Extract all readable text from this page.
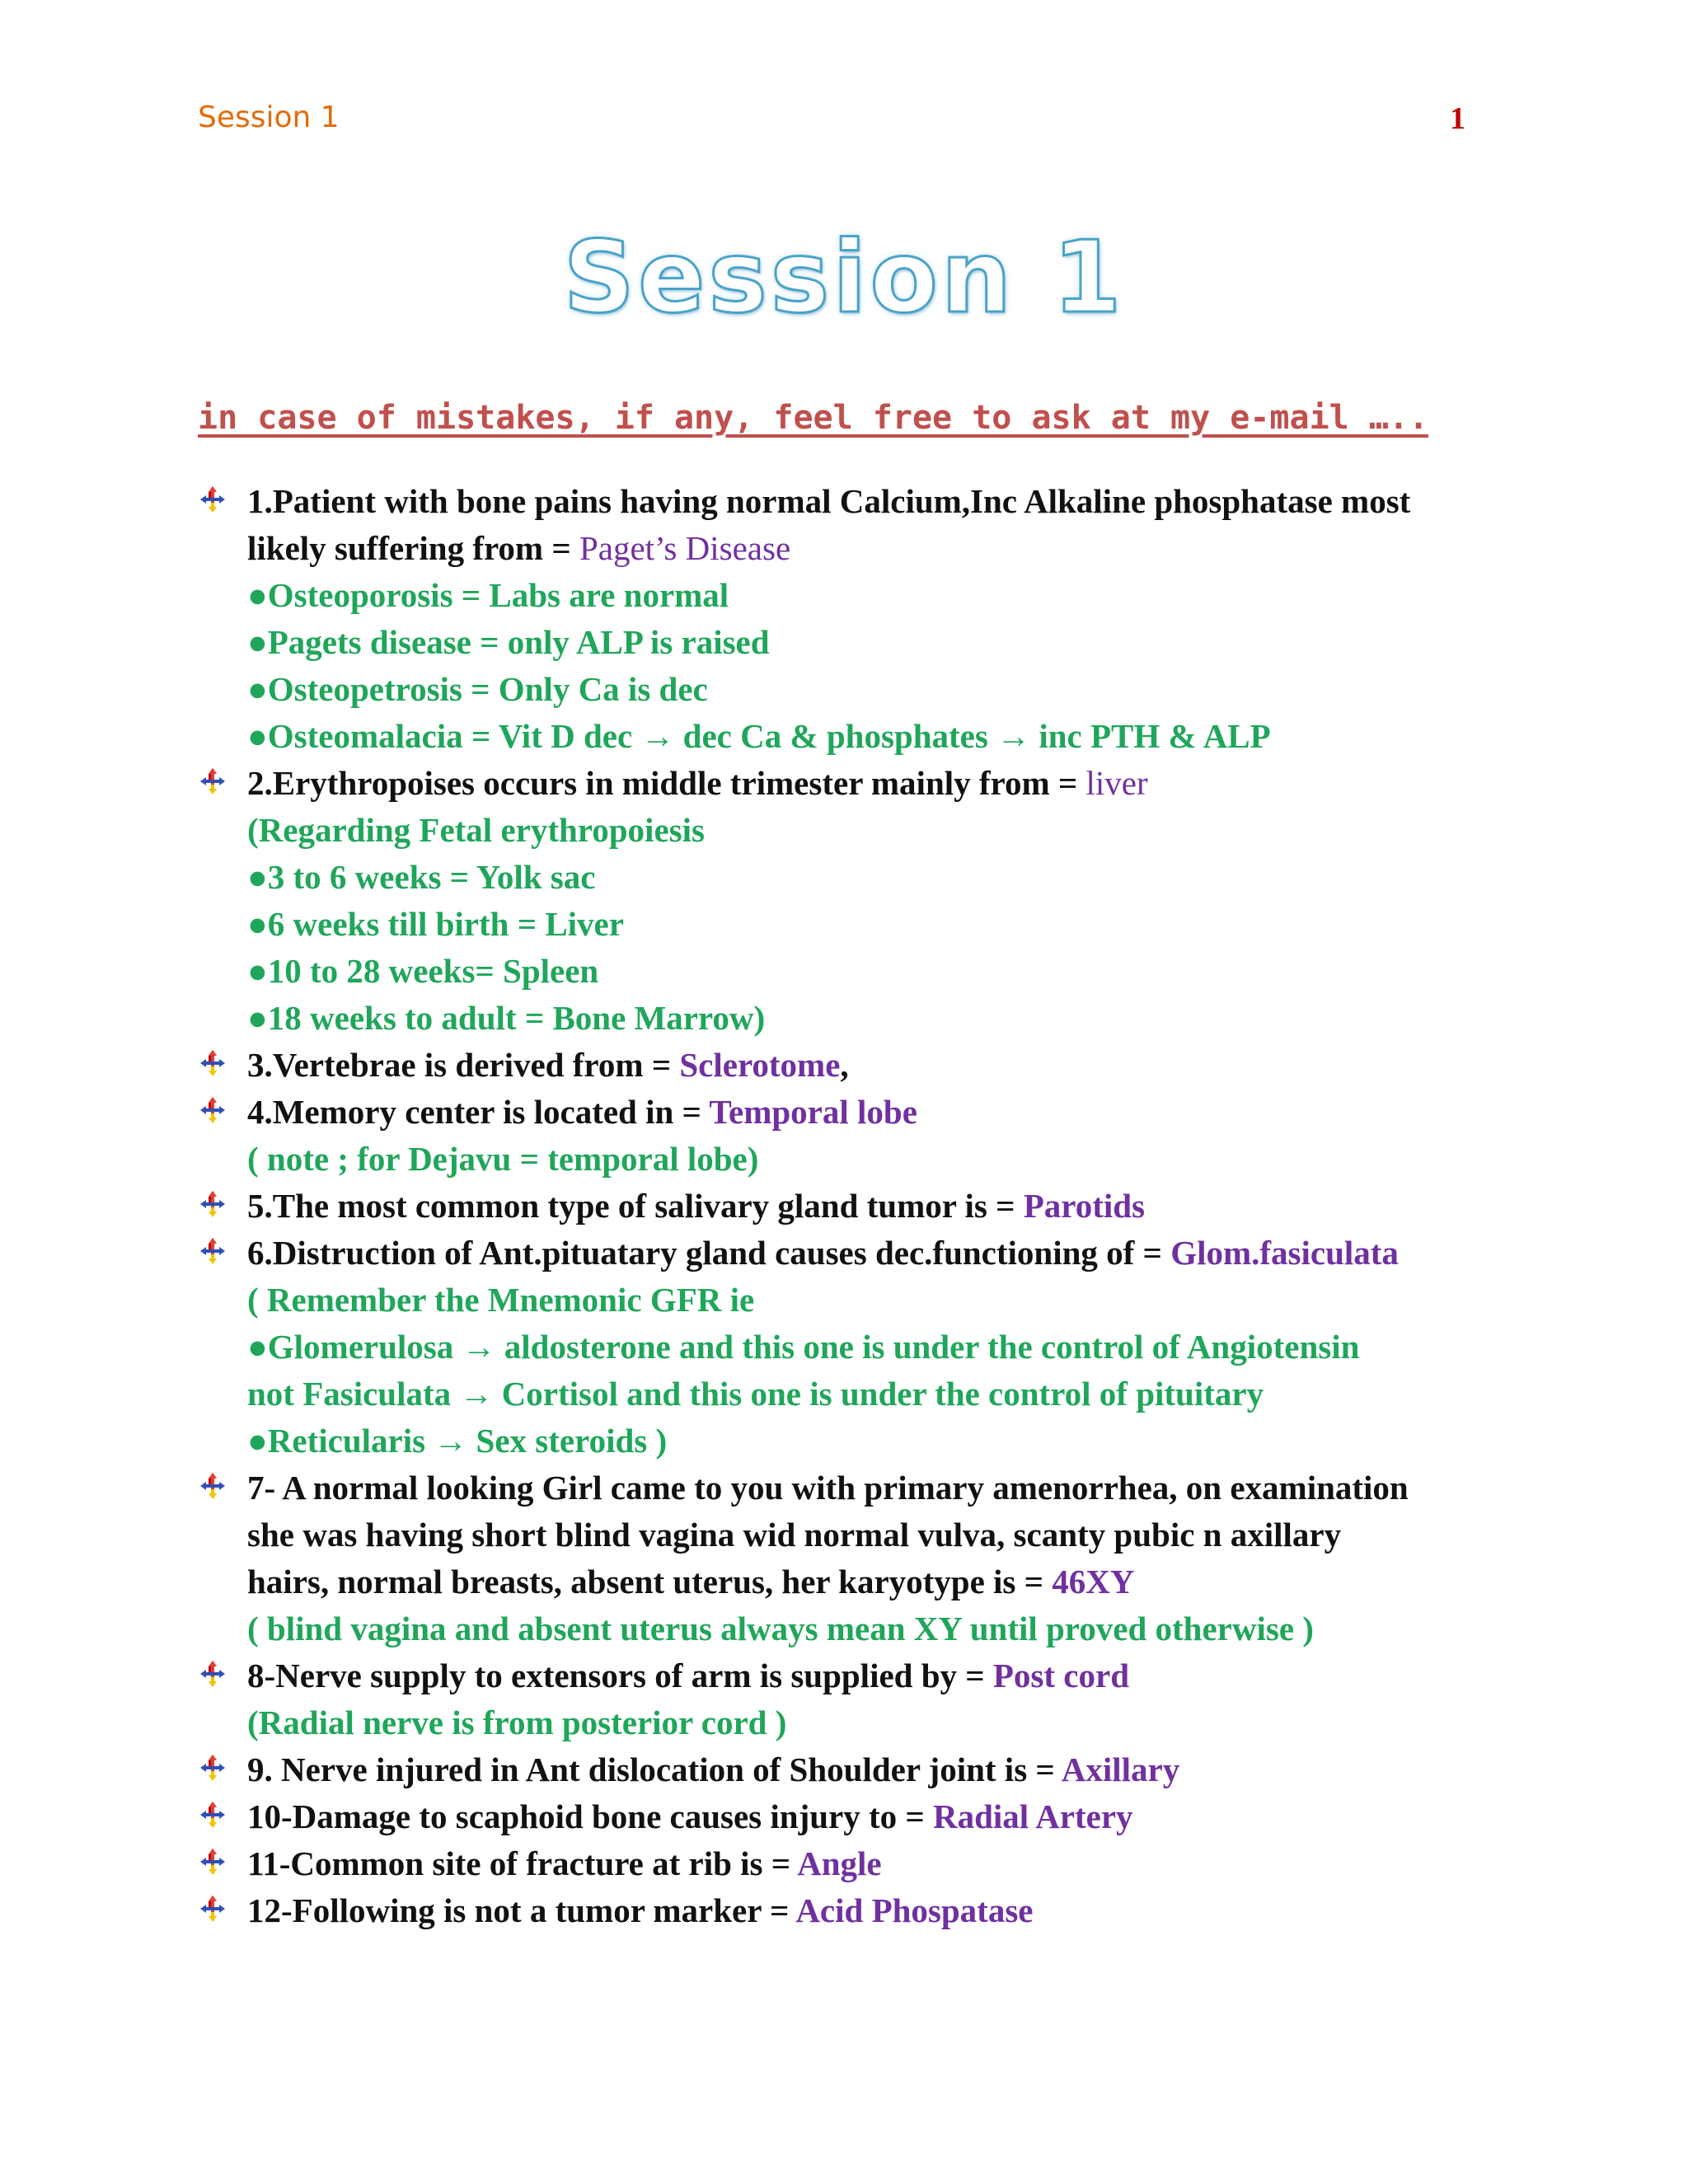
Session 1	1
Session 1
in case of mistakes, if any, feel free to ask at my e-mail …..
1.Patient with bone pains having normal Calcium,Inc Alkaline phosphatase most
likely suffering from = Paget’s Disease
●Osteoporosis = Labs are normal
●Pagets disease = only ALP is raised
●Osteopetrosis = Only Ca is dec
●Osteomalacia = Vit D dec → dec Ca & phosphates → inc PTH & ALP
2.Erythropoises occurs in middle trimester mainly from = liver
(Regarding Fetal erythropoiesis
●3 to 6 weeks = Yolk sac
●6 weeks till birth = Liver
●10 to 28 weeks= Spleen
●18 weeks to adult = Bone Marrow)
3.Vertebrae is derived from = Sclerotome,
4.Memory center is located in = Temporal lobe
( note ; for Dejavu = temporal lobe)
5.The most common type of salivary gland tumor is = Parotids
6.Distruction of Ant.pituatary gland causes dec.functioning of = Glom.fasiculata
( Remember the Mnemonic GFR ie
●Glomerulosa → aldosterone and this one is under the control of Angiotensin
not Fasiculata → Cortisol and this one is under the control of pituitary
●Reticularis → Sex steroids )
7- A normal looking Girl came to you with primary amenorrhea, on examination
she was having short blind vagina wid normal vulva, scanty pubic n axillary
hairs, normal breasts, absent uterus, her karyotype is = 46XY
( blind vagina and absent uterus always mean XY until proved otherwise )
8-Nerve supply to extensors of arm is supplied by = Post cord
(Radial nerve is from posterior cord )
9. Nerve injured in Ant dislocation of Shoulder joint is = Axillary
10-Damage to scaphoid bone causes injury to = Radial Artery
11-Common site of fracture at rib is = Angle
12-Following is not a tumor marker = Acid Phospatase
